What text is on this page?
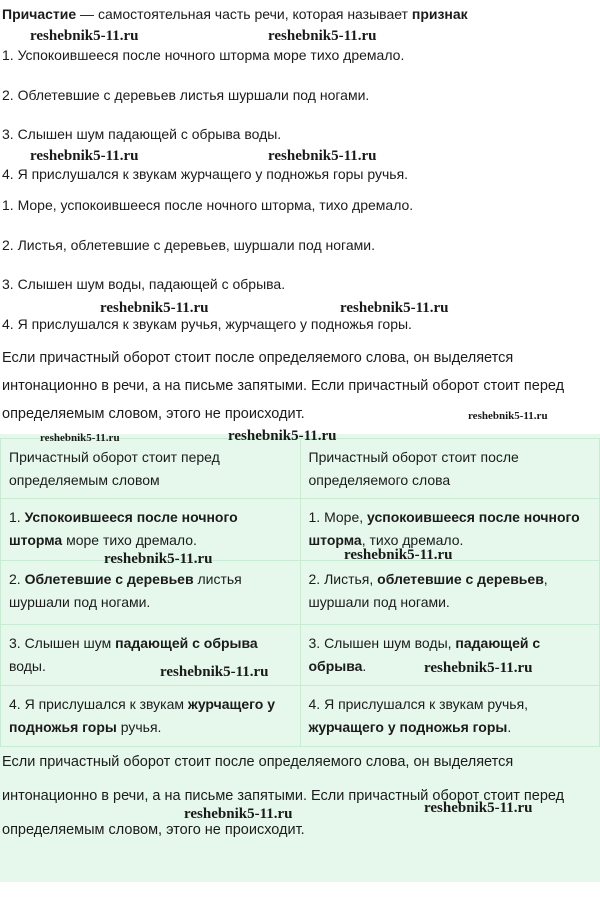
Причастие — самостоятельная часть речи, которая называет признак
1. Успокоившееся после ночного шторма море тихо дремало.
2. Облетевшие с деревьев листья шуршали под ногами.
3. Слышен шум падающей с обрыва воды.
4. Я прислушался к звукам журчащего у подножья горы ручья.
1. Море, успокоившееся после ночного шторма, тихо дремало.
2. Листья, облетевшие с деревьев, шуршали под ногами.
3. Слышен шум воды, падающей с обрыва.
4. Я прислушался к звукам ручья, журчащего у подножья горы.
Если причастный оборот стоит после определяемого слова, он выделяется интонационно в речи, а на письме запятыми. Если причастный оборот стоит перед определяемым словом, этого не происходит.
Причастный оборот стоит перед определяемым словом	Причастный оборот стоит после определяемого слова
1. Успокоившееся после ночного шторма море тихо дремало.	1. Море, успокоившееся после ночного шторма, тихо дремало.
2. Облетевшие с деревьев листья шуршали под ногами.	2. Листья, облетевшие с деревьев, шуршали под ногами.
3. Слышен шум падающей с обрыва воды.	3. Слышен шум воды, падающей с обрыва.
4. Я прислушался к звукам журчащего у подножья горы ручья.	4. Я прислушался к звукам ручья, журчащего у подножья горы.
Если причастный оборот стоит после определяемого слова, он выделяется интонационно в речи, а на письме запятыми. Если причастный оборот стоит перед определяемым словом, этого не происходит.
reshebnik5-11.ru	reshebnik5-11.ru
reshebnik5-11.ru	reshebnik5-11.ru
reshebnik5-11.ru	reshebnik5-11.ru
reshebnik5-11.ru
reshebnik5-11.ru	reshebnik5-11.ru
reshebnik5-11.ru	reshebnik5-11.ru
reshebnik5-11.ru	reshebnik5-11.ru
reshebnik5-11.ru	reshebnik5-11.ru
